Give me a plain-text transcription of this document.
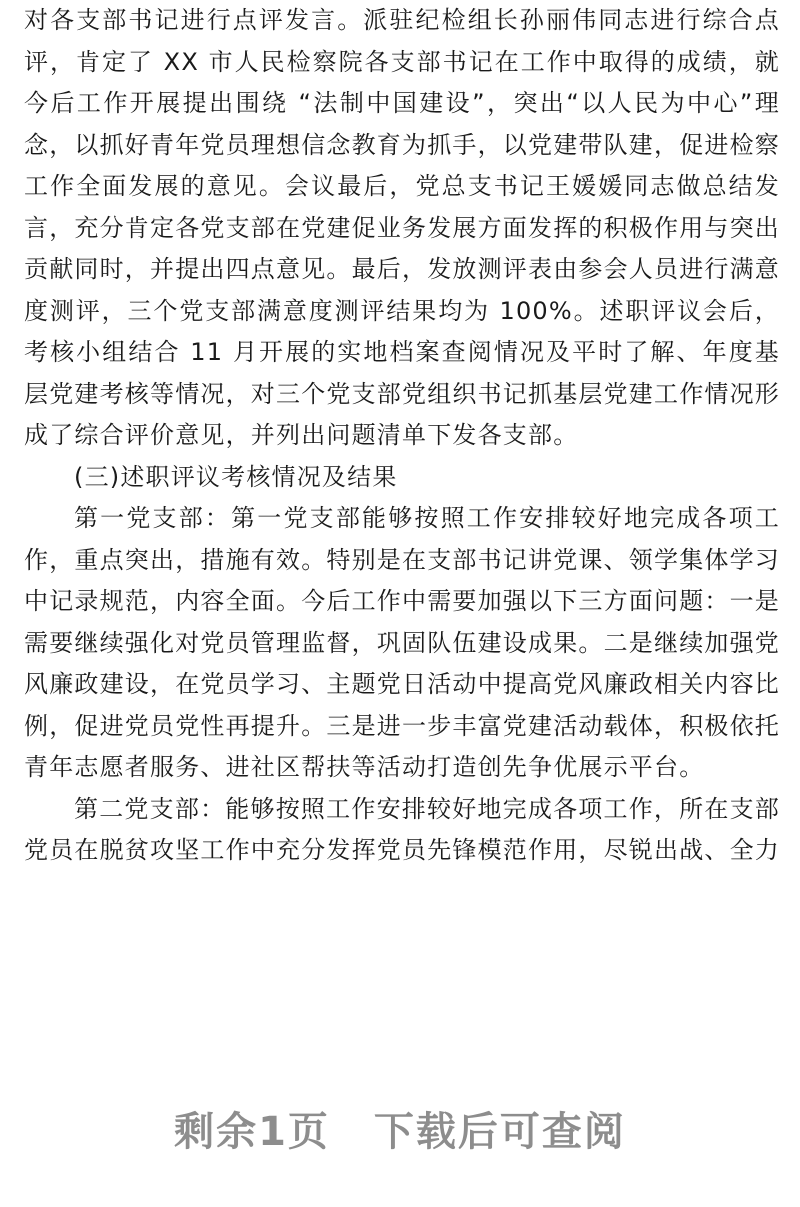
对各支部书记进行点评发言。派驻纪检组长孙丽伟同志进行综合点评，肯定了 XX 市人民检察院各支部书记在工作中取得的成绩，就今后工作开展提出围绕 “法制中国建设”，突出“以人民为中心”理念，以抓好青年党员理想信念教育为抓手，以党建带队建，促进检察工作全面发展的意见。会议最后，党总支书记王媛媛同志做总结发言，充分肯定各党支部在党建促业务发展方面发挥的积极作用与突出贡献同时，并提出四点意见。最后，发放测评表由参会人员进行满意度测评，三个党支部满意度测评结果均为 100%。述职评议会后，考核小组结合 11 月开展的实地档案查阅情况及平时了解、年度基层党建考核等情况，对三个党支部党组织书记抓基层党建工作情况形成了综合评价意见，并列出问题清单下发各支部。

(三)述职评议考核情况及结果

第一党支部：第一党支部能够按照工作安排较好地完成各项工作，重点突出，措施有效。特别是在支部书记讲党课、领学集体学习中记录规范，内容全面。今后工作中需要加强以下三方面问题：一是需要继续强化对党员管理监督，巩固队伍建设成果。二是继续加强党风廉政建设，在党员学习、主题党日活动中提高党风廉政相关内容比例，促进党员党性再提升。三是进一步丰富党建活动载体，积极依托青年志愿者服务、进社区帮扶等活动打造创先争优展示平台。

第二党支部：能够按照工作安排较好地完成各项工作，所在支部党员在脱贫攻坚工作中充分发挥党员先锋模范作用，尽锐出战、全力

剩余1页 下载后可查阅
